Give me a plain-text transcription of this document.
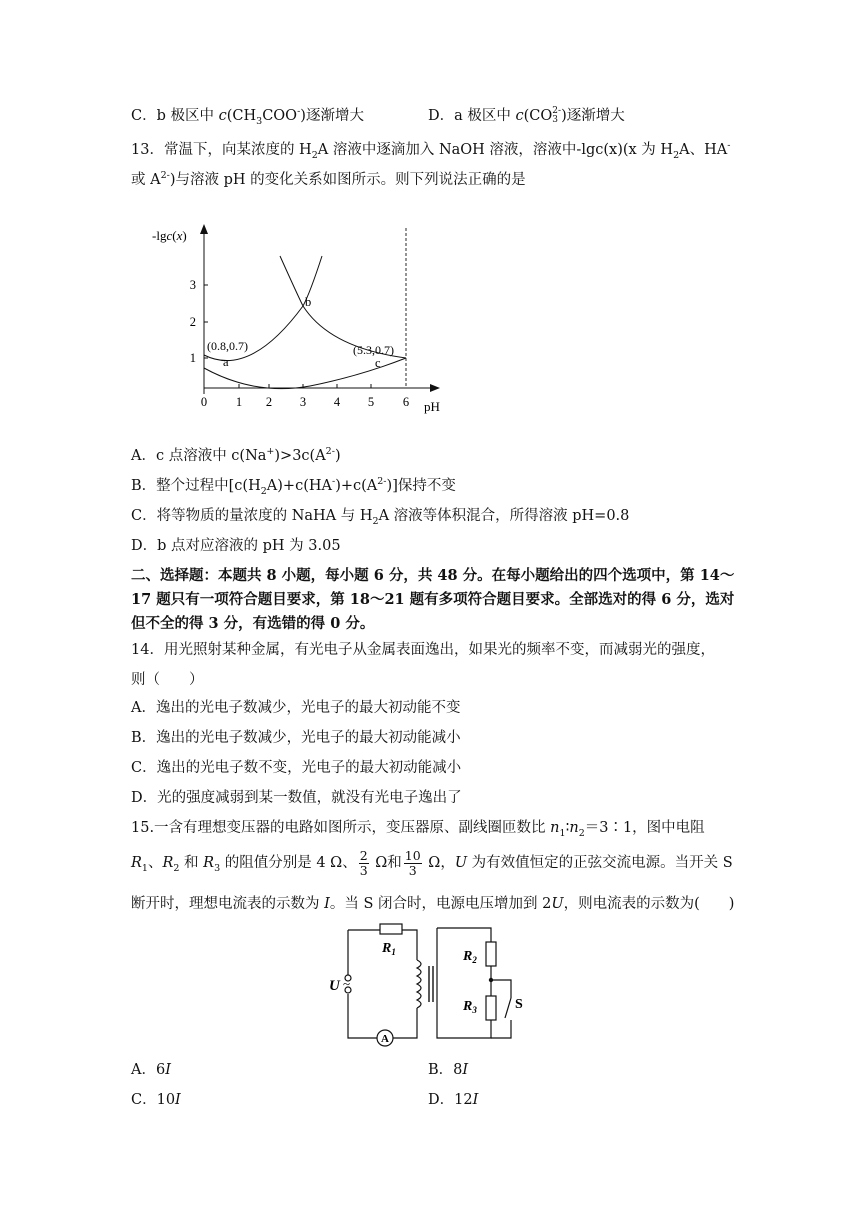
C．b 极区中 $c(CH_3COO^-)$逐渐增大	D．a 极区中 c(CO 2-
3 )逐渐增大
13．常温下，向某浓度的 $H_2A$ 溶液中逐滴加入 NaOH 溶液，溶液中-lgc(x)(x 为 $H_2A$、HA-
或 $A^{2-}$)与溶液 pH 的变化关系如图所示。则下列说法正确的是
-lgc(x)
pH
0 1 2 3 4 5 6
1
2
3
(0.8,0.7)
a
b
(5.3,0.7)
c
A．c 点溶液中 $c(Na^+)>3c(A^{2-})$
B．整个过程中$[c(H_2A)+c(HA^-)+c(A^{2-})]$保持不变
C．将等物质的量浓度的 NaHA 与 $H_2A$ 溶液等体积混合，所得溶液 pH=0.8
D．b 点对应溶液的 pH 为 3.05
二、选择题：本题共 8 小题，每小题 6 分，共 48 分。在每小题给出的四个选项中，第 14～
17 题只有一项符合题目要求，第 18～21 题有多项符合题目要求。全部选对的得 6 分，选对
但不全的得 3 分，有选错的得 0 分。
14．用光照射某种金属，有光电子从金属表面逸出，如果光的频率不变，而减弱光的强度，
则（　　）
A．逸出的光电子数减少，光电子的最大初动能不变
B．逸出的光电子数减少，光电子的最大初动能减小
C．逸出的光电子数不变，光电子的最大初动能减小
D．光的强度减弱到某一数值，就没有光电子逸出了
15.一含有理想变压器的电路如图所示，变压器原、副线圈匝数比 $n_1∶n_2=3∶1$，图中电阻
$R_1$、$R_2$ 和 $R_3$ 的阻值分别是 4 Ω、 $\frac{2}{3}$ Ω和 $\frac{10}{3}$ Ω，U 为有效值恒定的正弦交流电源。当开关 S
断开时，理想电流表的示数为 I。当 S 闭合时，电源电压增加到 2U，则电流表的示数为(　　)
$R_1$	$R_2$
$R_3$
U ~
S
A
A．6I	B．8I
C．10I	D．12I
